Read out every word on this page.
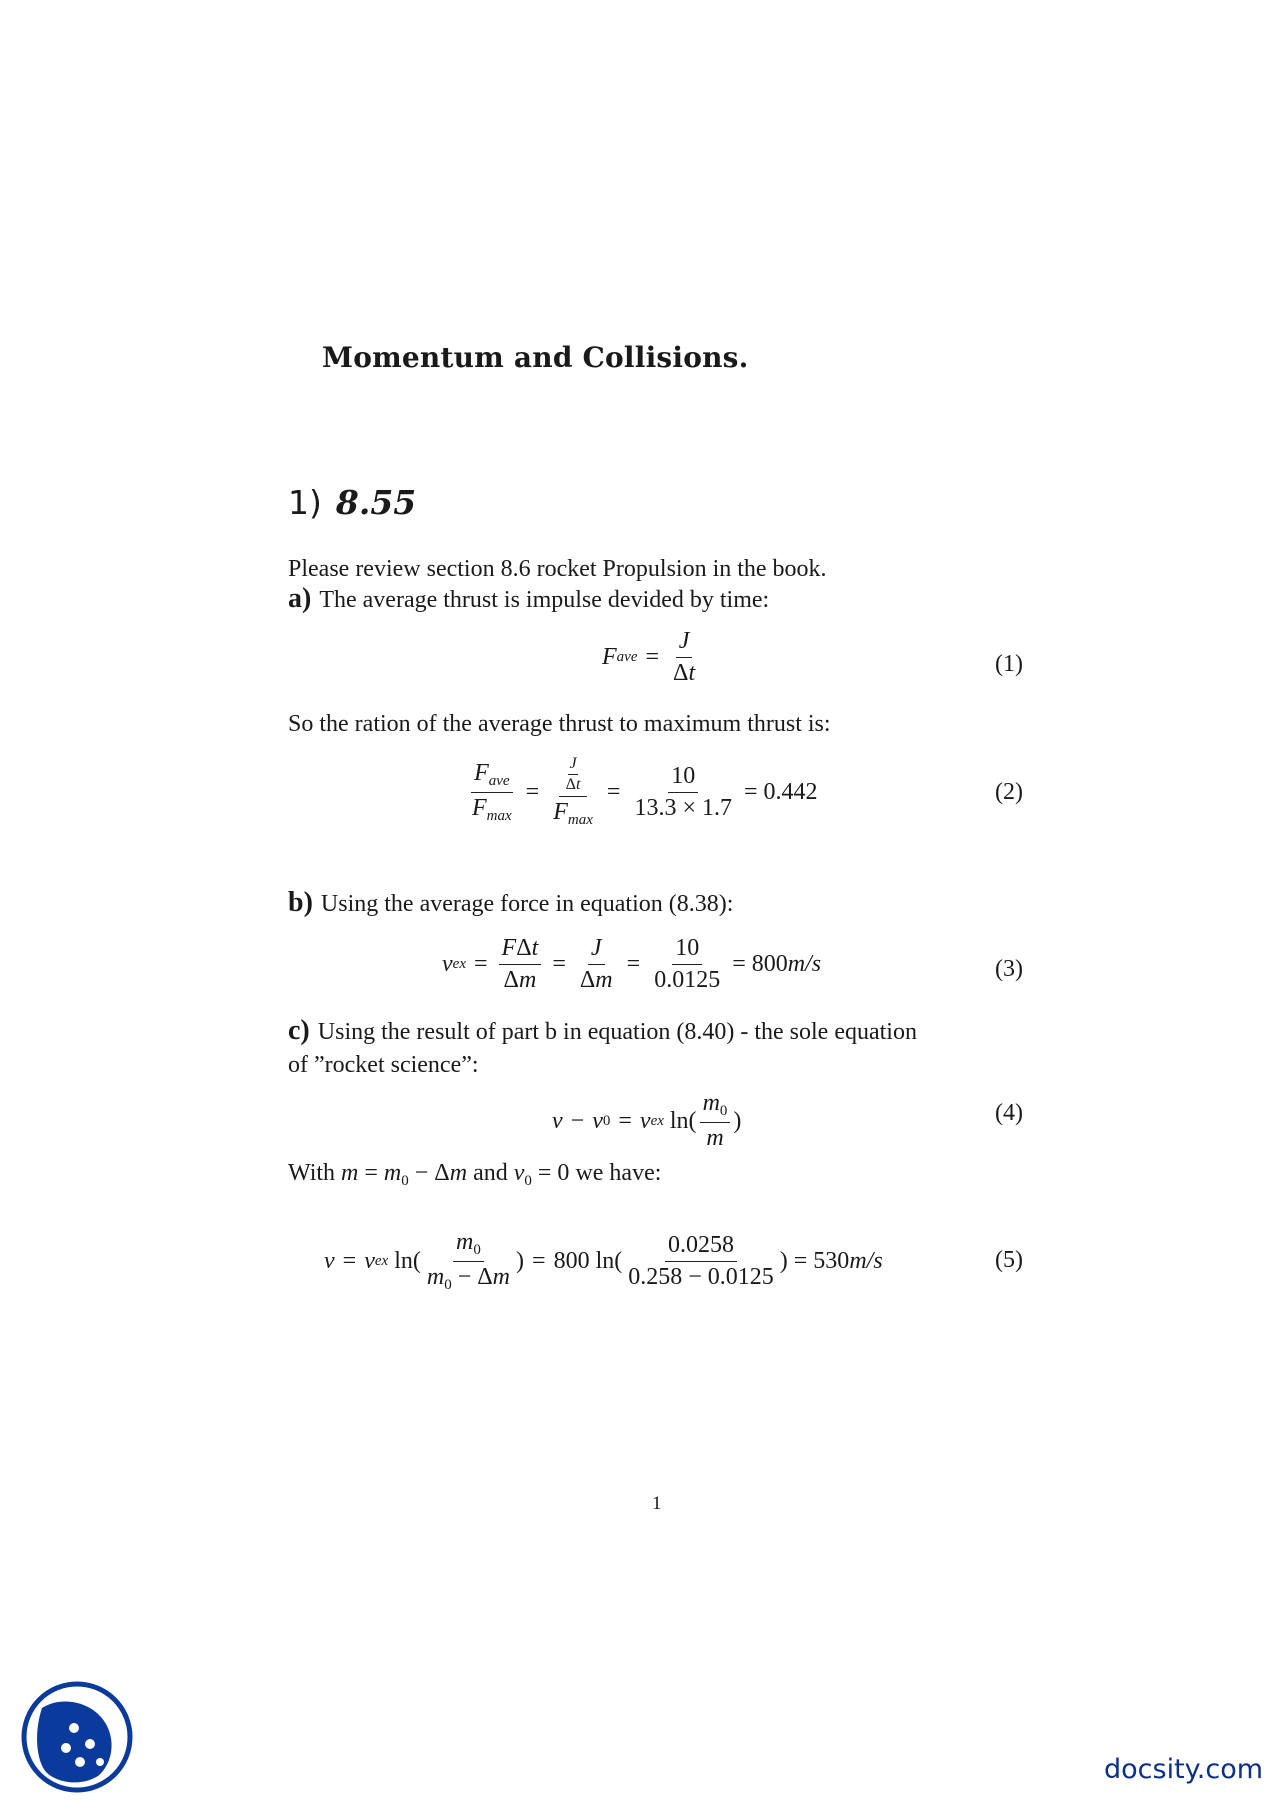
Momentum and Collisions.
1) 8.55
Please review section 8.6 rocket Propulsion in the book.
a) The average thrust is impulse devided by time:
F ave = $\frac{J}{\Delta t}$	(1)
So the ration of the average thrust to maximum thrust is:
$\frac{F_{ave}}{F_{max}} = \frac{\frac{J}{\Delta t}}{F_{max}} = \frac{10}{13.3 \times 1.7} = 0.442$	(2)
b) Using the average force in equation (8.38):
v ex = $\frac{\text{FΔt}}{\Delta m} = \frac{J}{\Delta m} = \frac{10}{0.0125} = 800$ m/s	(3)
c) Using the result of part b in equation (8.40) - the sole equation
of ”rocket science”:
v − v 0 = v ex $\ln( \frac{m_0}{m}$ )	(4)
With $m = m_0 - \Delta m$ and $v_0 = 0$ we have:
v = v ex $\ln( \frac{m_0}{m_0 - \Delta m}$ ) = 800 $\ln( \frac{0.0258}{0.258 - 0.0125}$ ) = 530 m/s	(5)
1
docsity.com
